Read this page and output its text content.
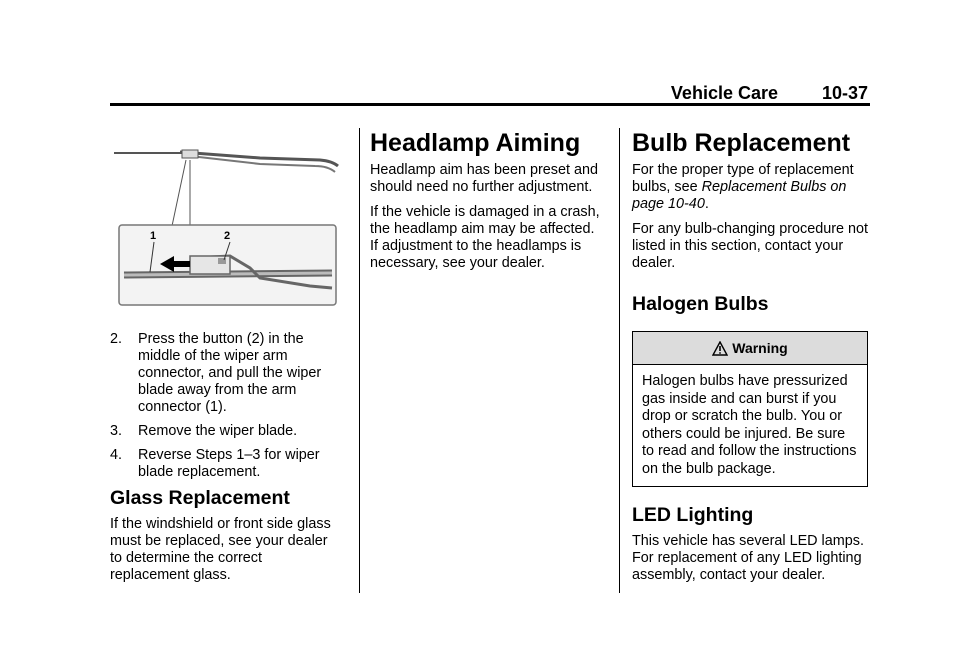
Vehicle Care 10-37
1	2
2. Press the button (2) in the middle of the wiper arm connector, and pull the wiper blade away from the arm connector (1).
3. Remove the wiper blade.
4. Reverse Steps 1–3 for wiper blade replacement.
Glass Replacement

If the windshield or front side glass must be replaced, see your dealer to determine the correct replacement glass.

Headlamp Aiming

Headlamp aim has been preset and should need no further adjustment.

If the vehicle is damaged in a crash, the headlamp aim may be affected. If adjustment to the headlamps is necessary, see your dealer.

Bulb Replacement

For the proper type of replacement bulbs, see Replacement Bulbs on page 10-40.

For any bulb-changing procedure not listed in this section, contact your dealer.

Halogen Bulbs
Warning
Halogen bulbs have pressurized gas inside and can burst if you drop or scratch the bulb. You or others could be injured. Be sure to read and follow the instructions on the bulb package.
LED Lighting

This vehicle has several LED lamps. For replacement of any LED lighting assembly, contact your dealer.
